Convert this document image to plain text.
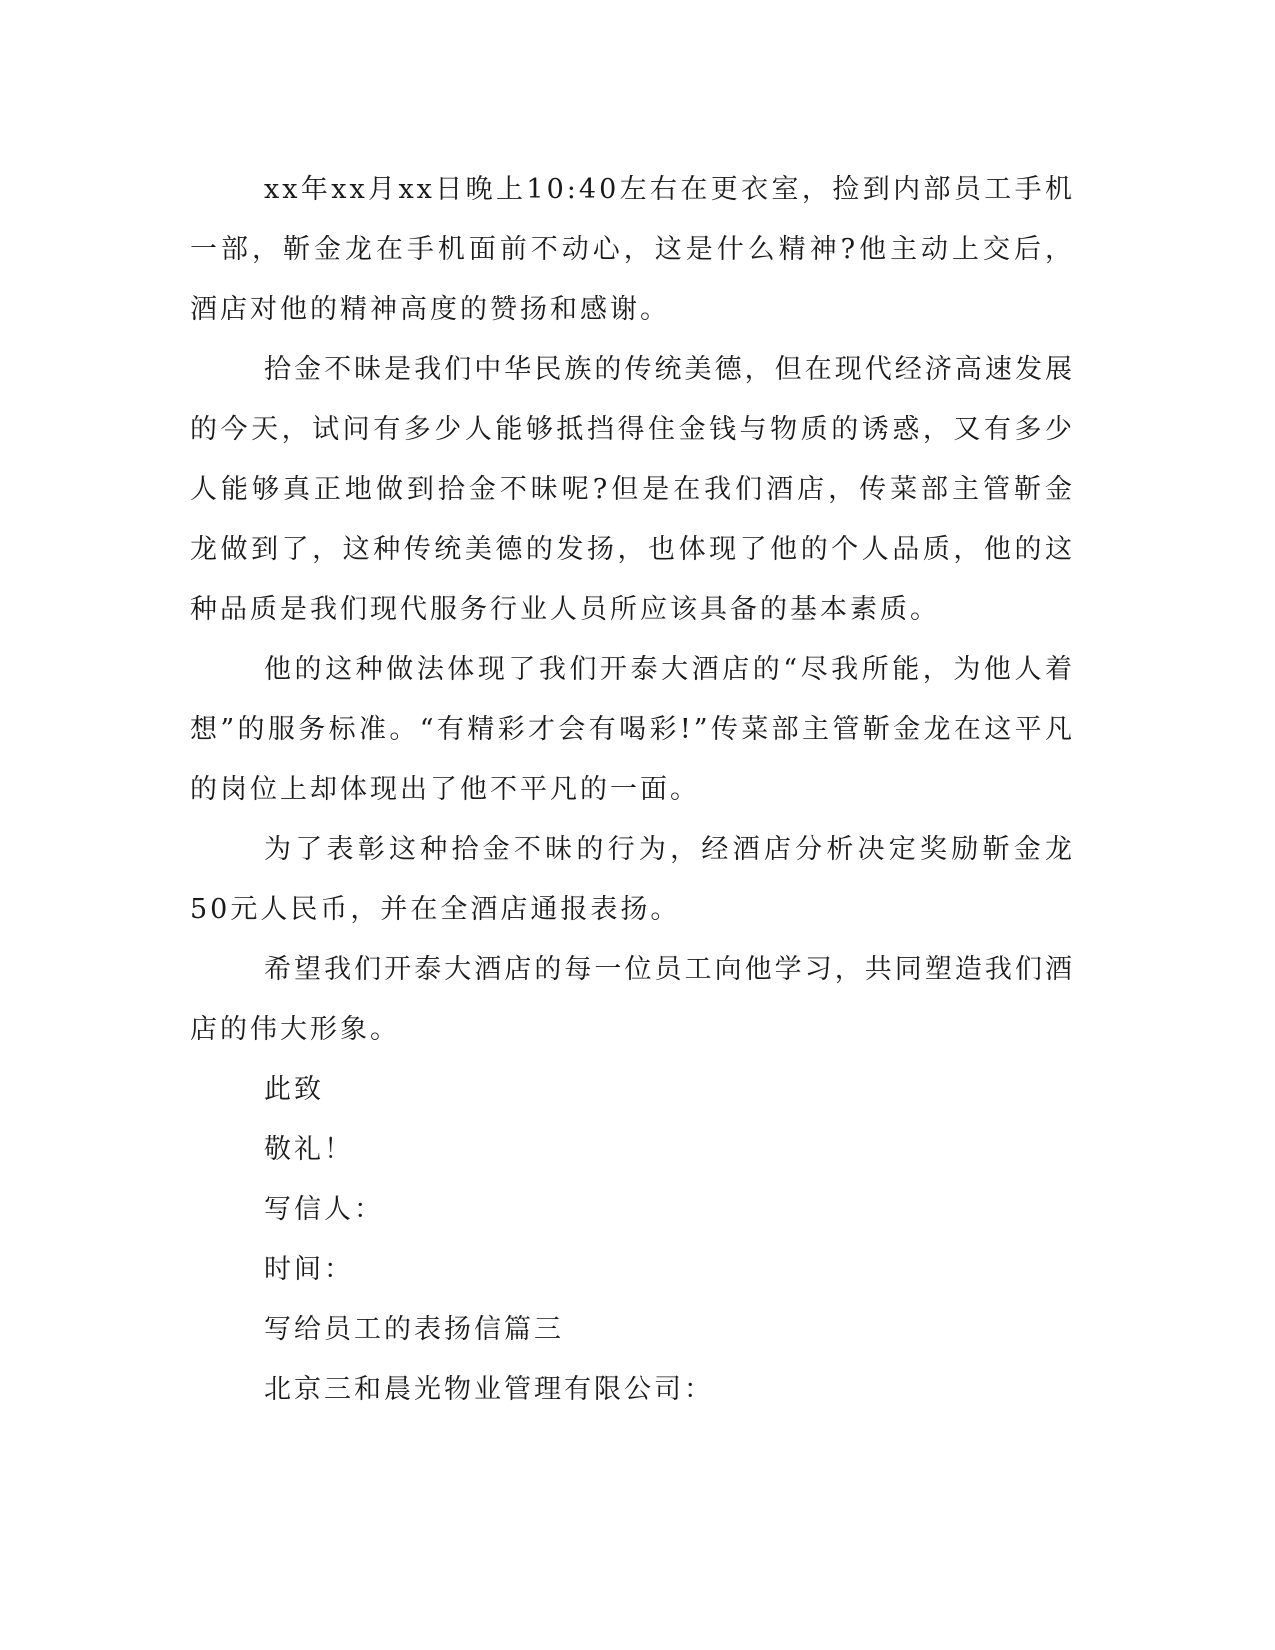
xx年xx月xx日晚上10:40左右在更衣室，捡到内部员工手机一部，靳金龙在手机面前不动心，这是什么精神?他主动上交后，酒店对他的精神高度的赞扬和感谢。

拾金不昧是我们中华民族的传统美德，但在现代经济高速发展的今天，试问有多少人能够抵挡得住金钱与物质的诱惑，又有多少人能够真正地做到拾金不昧呢?但是在我们酒店，传菜部主管靳金龙做到了，这种传统美德的发扬，也体现了他的个人品质，他的这种品质是我们现代服务行业人员所应该具备的基本素质。

他的这种做法体现了我们开泰大酒店的“尽我所能，为他人着想”的服务标准。“有精彩才会有喝彩!”传菜部主管靳金龙在这平凡的岗位上却体现出了他不平凡的一面。

为了表彰这种拾金不昧的行为，经酒店分析决定奖励靳金龙50元人民币，并在全酒店通报表扬。

希望我们开泰大酒店的每一位员工向他学习，共同塑造我们酒店的伟大形象。

此致

敬礼！

写信人：

时间：

写给员工的表扬信篇三

北京三和晨光物业管理有限公司：
